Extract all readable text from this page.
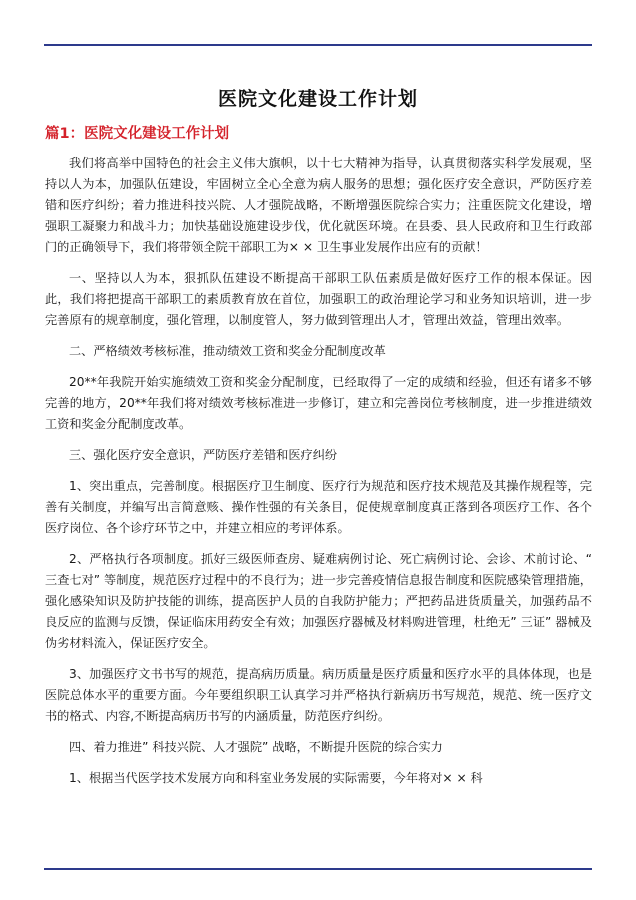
医院文化建设工作计划
篇1：医院文化建设工作计划

我们将高举中国特色的社会主义伟大旗帜，以十七大精神为指导，认真贯彻落实科学发展观，坚持以人为本，加强队伍建设，牢固树立全心全意为病人服务的思想；强化医疗安全意识，严防医疗差错和医疗纠纷；着力推进科技兴院、人才强院战略，不断增强医院综合实力；注重医院文化建设，增强职工凝聚力和战斗力；加快基础设施建设步伐，优化就医环境。在县委、县人民政府和卫生行政部门的正确领导下，我们将带领全院干部职工为× × 卫生事业发展作出应有的贡献！

一、坚持以人为本，狠抓队伍建设不断提高干部职工队伍素质是做好医疗工作的根本保证。因此，我们将把提高干部职工的素质教育放在首位，加强职工的政治理论学习和业务知识培训，进一步完善原有的规章制度，强化管理，以制度管人，努力做到管理出人才，管理出效益，管理出效率。

二、严格绩效考核标准，推动绩效工资和奖金分配制度改革

20**年我院开始实施绩效工资和奖金分配制度，已经取得了一定的成绩和经验，但还有诸多不够完善的地方，20**年我们将对绩效考核标准进一步修订，建立和完善岗位考核制度，进一步推进绩效工资和奖金分配制度改革。

三、强化医疗安全意识，严防医疗差错和医疗纠纷

1、突出重点，完善制度。根据医疗卫生制度、医疗行为规范和医疗技术规范及其操作规程等，完善有关制度，并编写出言简意赅、操作性强的有关条目，促使规章制度真正落到各项医疗工作、各个医疗岗位、各个诊疗环节之中，并建立相应的考评体系。

2、严格执行各项制度。抓好三级医师查房、疑难病例讨论、死亡病例讨论、会诊、术前讨论、“ 三查七对” 等制度，规范医疗过程中的不良行为；进一步完善疫情信息报告制度和医院感染管理措施，强化感染知识及防护技能的训练，提高医护人员的自我防护能力；严把药品进货质量关，加强药品不良反应的监测与反馈，保证临床用药安全有效；加强医疗器械及材料购进管理，杜绝无” 三证” 器械及伪劣材料流入，保证医疗安全。

3、加强医疗文书书写的规范，提高病历质量。病历质量是医疗质量和医疗水平的具体体现，也是医院总体水平的重要方面。今年要组织职工认真学习并严格执行新病历书写规范，规范、统一医疗文书的格式、内容,不断提高病历书写的内涵质量，防范医疗纠纷。

四、着力推进” 科技兴院、人才强院” 战略，不断提升医院的综合实力

1、根据当代医学技术发展方向和科室业务发展的实际需要，今年将对× × 科
